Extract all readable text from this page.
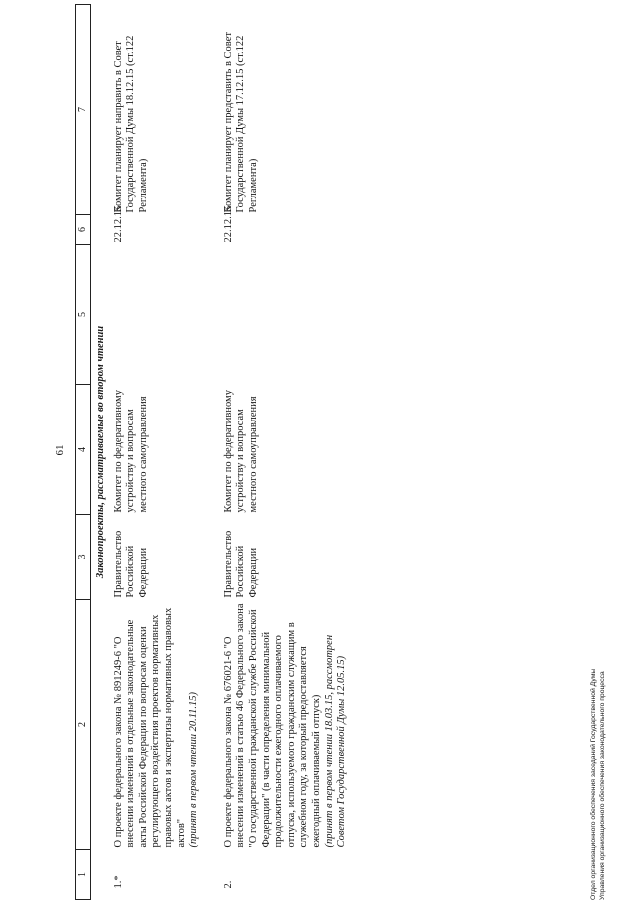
61
1	2	3	4	5	6	7
Законопроекты, рассматриваемые во втором чтении						
1.*	О проекте федерального закона № 891249-6 "О внесении изменений в отдельные законодательные акты Российской Федерации по вопросам оценки регулирующего воздействия проектов нормативных правовых актов и экспертизы нормативных правовых актов" (принят в первом чтении 20.11.15)	Правительство Российской Федерации	Комитет по федеративному устройству и вопросам местного самоуправления		22.12.15	Комитет планирует направить в Совет Государственной Думы 18.12.15 (ст.122 Регламента)
2.	О проекте федерального закона № 676021-6 "О внесении изменений в статью 46 Федерального закона "О государственной гражданской службе Российской Федерации" (в части определения минимальной продолжительности ежегодного оплачиваемого отпуска, используемого гражданским служащим в служебном году, за который предоставляется ежегодный оплачиваемый отпуск) (принят в первом чтении 18.03.15, рассмотрен Советом Государственной Думы 12.05.15)	Правительство Российской Федерации	Комитет по федеративному устройству и вопросам местного самоуправления		22.12.15	Комитет планирует представить в Совет Государственной Думы 17.12.15 (ст.122 Регламента)
Отдел организационного обеспечения заседаний Государственной Думы Управления организационного обеспечения законодательного процесса
